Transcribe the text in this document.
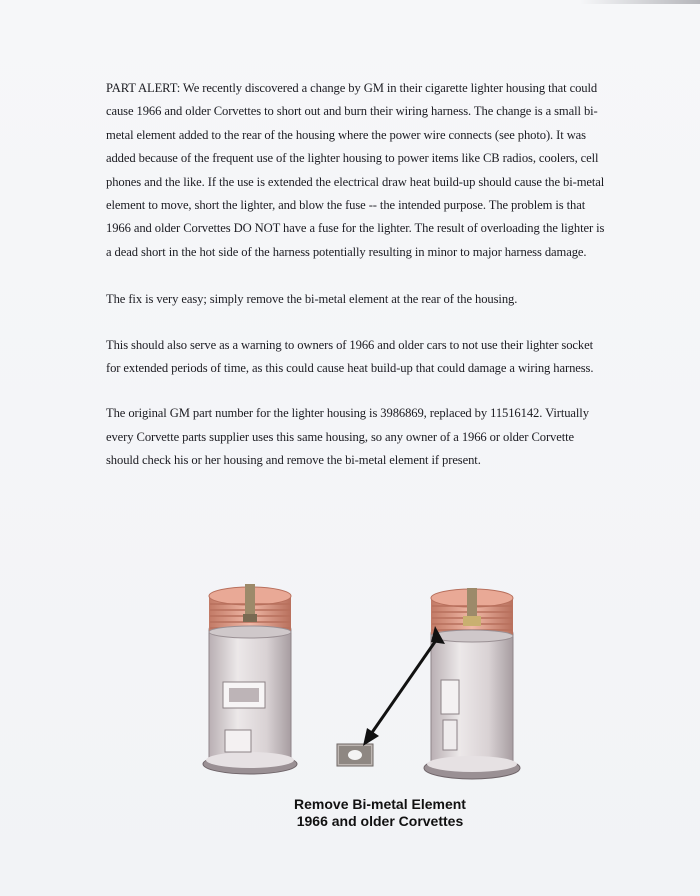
PART ALERT: We recently discovered a change by GM in their cigarette lighter housing that could cause 1966 and older Corvettes to short out and burn their wiring harness. The change is a small bi-metal element added to the rear of the housing where the power wire connects (see photo). It was added because of the frequent use of the lighter housing to power items like CB radios, coolers, cell phones and the like. If the use is extended the electrical draw heat build-up should cause the bi-metal element to move, short the lighter, and blow the fuse -- the intended purpose. The problem is that 1966 and older Corvettes DO NOT have a fuse for the lighter. The result of overloading the lighter is a dead short in the hot side of the harness potentially resulting in minor to major harness damage.

The fix is very easy; simply remove the bi-metal element at the rear of the housing.

This should also serve as a warning to owners of 1966 and older cars to not use their lighter socket for extended periods of time, as this could cause heat build-up that could damage a wiring harness.

The original GM part number for the lighter housing is 3986869, replaced by 11516142. Virtually every Corvette parts supplier uses this same housing, so any owner of a 1966 or older Corvette should check his or her housing and remove the bi-metal element if present.

Remove Bi-metal Element
1966 and older Corvettes
